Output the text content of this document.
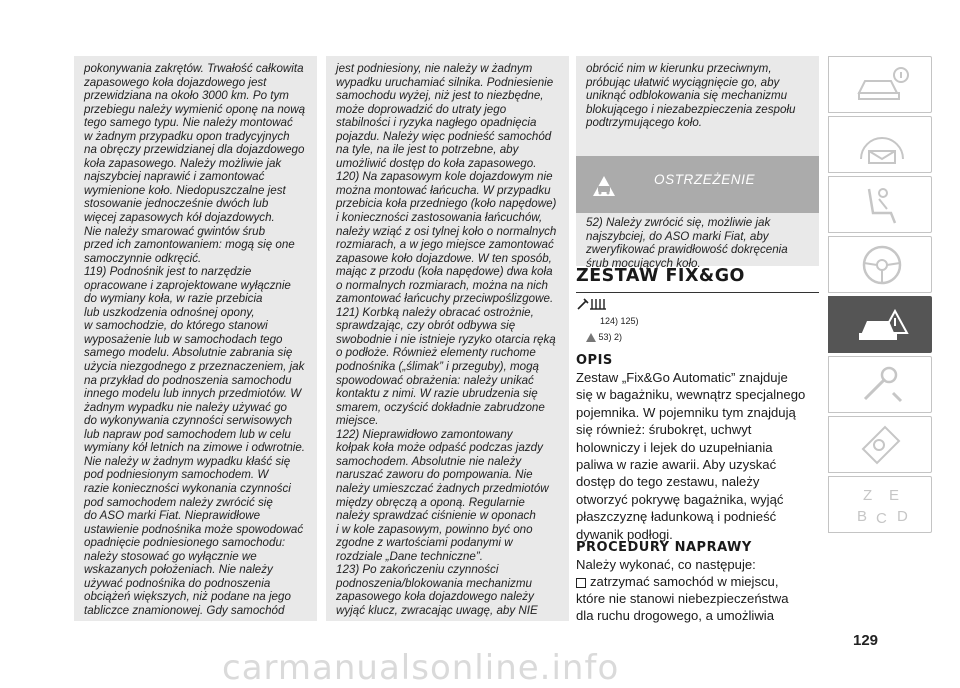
pokonywania zakrętów. Trwałość całkowita
zapasowego koła dojazdowego jest
przewidziana na około 3000 km. Po tym
przebiegu należy wymienić oponę na nową
tego samego typu. Nie należy montować
w żadnym przypadku opon tradycyjnych
na obręczy przewidzianej dla dojazdowego
koła zapasowego. Należy możliwie jak
najszybciej naprawić i zamontować
wymienione koło. Niedopuszczalne jest
stosowanie jednocześnie dwóch lub
więcej zapasowych kół dojazdowych.
Nie należy smarować gwintów śrub
przed ich zamontowaniem: mogą się one
samoczynnie odkręcić.
119) Podnośnik jest to narzędzie
opracowane i zaprojektowane wyłącznie
do wymiany koła, w razie przebicia
lub uszkodzenia odnośnej opony,
w samochodzie, do którego stanowi
wyposażenie lub w samochodach tego
samego modelu. Absolutnie zabrania się
użycia niezgodnego z przeznaczeniem, jak
na przykład do podnoszenia samochodu
innego modelu lub innych przedmiotów. W
żadnym wypadku nie należy używać go
do wykonywania czynności serwisowych
lub napraw pod samochodem lub w celu
wymiany kół letnich na zimowe i odwrotnie.
Nie należy w żadnym wypadku kłaść się
pod podniesionym samochodem. W
razie konieczności wykonania czynności
pod samochodem należy zwrócić się
do ASO marki Fiat. Nieprawidłowe
ustawienie podnośnika może spowodować
opadnięcie podniesionego samochodu:
należy stosować go wyłącznie we
wskazanych położeniach. Nie należy
używać podnośnika do podnoszenia
obciążeń większych, niż podane na jego
tabliczce znamionowej. Gdy samochód
jest podniesiony, nie należy w żadnym
wypadku uruchamiać silnika. Podniesienie
samochodu wyżej, niż jest to niezbędne,
może doprowadzić do utraty jego
stabilności i ryzyka nagłego opadnięcia
pojazdu. Należy więc podnieść samochód
na tyle, na ile jest to potrzebne, aby
umożliwić dostęp do koła zapasowego.
120) Na zapasowym kole dojazdowym nie
można montować łańcucha. W przypadku
przebicia koła przedniego (koło napędowe)
i konieczności zastosowania łańcuchów,
należy wziąć z osi tylnej koło o normalnych
rozmiarach, a w jego miejsce zamontować
zapasowe koło dojazdowe. W ten sposób,
mając z przodu (koła napędowe) dwa koła
o normalnych rozmiarach, można na nich
zamontować łańcuchy przeciwpoślizgowe.
121) Korbką należy obracać ostrożnie,
sprawdzając, czy obrót odbywa się
swobodnie i nie istnieje ryzyko otarcia ręką
o podłoże. Również elementy ruchome
podnośnika („ślimak” i przeguby), mogą
spowodować obrażenia: należy unikać
kontaktu z nimi. W razie ubrudzenia się
smarem, oczyścić dokładnie zabrudzone
miejsce.
122) Nieprawidłowo zamontowany
kołpak koła może odpaść podczas jazdy
samochodem. Absolutnie nie należy
naruszać zaworu do pompowania. Nie
należy umieszczać żadnych przedmiotów
między obręczą a oponą. Regularnie
należy sprawdzać ciśnienie w oponach
i w kole zapasowym, powinno być ono
zgodne z wartościami podanymi w
rozdziale „Dane techniczne”.
123) Po zakończeniu czynności
podnoszenia/blokowania mechanizmu
zapasowego koła dojazdowego należy
wyjąć klucz, zwracając uwagę, aby NIE
obrócić nim w kierunku przeciwnym,
próbując ułatwić wyciągnięcie go, aby
uniknąć odblokowania się mechanizmu
blokującego i niezabezpieczenia zespołu
podtrzymującego koło.
OSTRZEŻENIE
52) Należy zwrócić się, możliwie jak
najszybciej, do ASO marki Fiat, aby
zweryfikować prawidłowość dokręcenia
śrub mocujących koło.
ZESTAW FIX&GO
124) 125)
53) 2)
OPIS
Zestaw „Fix&Go Automatic” znajduje
się w bagażniku, wewnątrz specjalnego
pojemnika. W pojemniku tym znajdują
się również: śrubokręt, uchwyt
holowniczy i lejek do uzupełniania
paliwa w razie awarii. Aby uzyskać
dostęp do tego zestawu, należy
otworzyć pokrywę bagażnika, wyjąć
płaszczyznę ładunkową i podnieść
dywanik podłogi.
PROCEDURY NAPRAWY
Należy wykonać, co następuje:
zatrzymać samochód w miejscu,
które nie stanowi niebezpieczeństwa
dla ruchu drogowego, a umożliwia
Z E
B C D
129
carmanualsonline.info
